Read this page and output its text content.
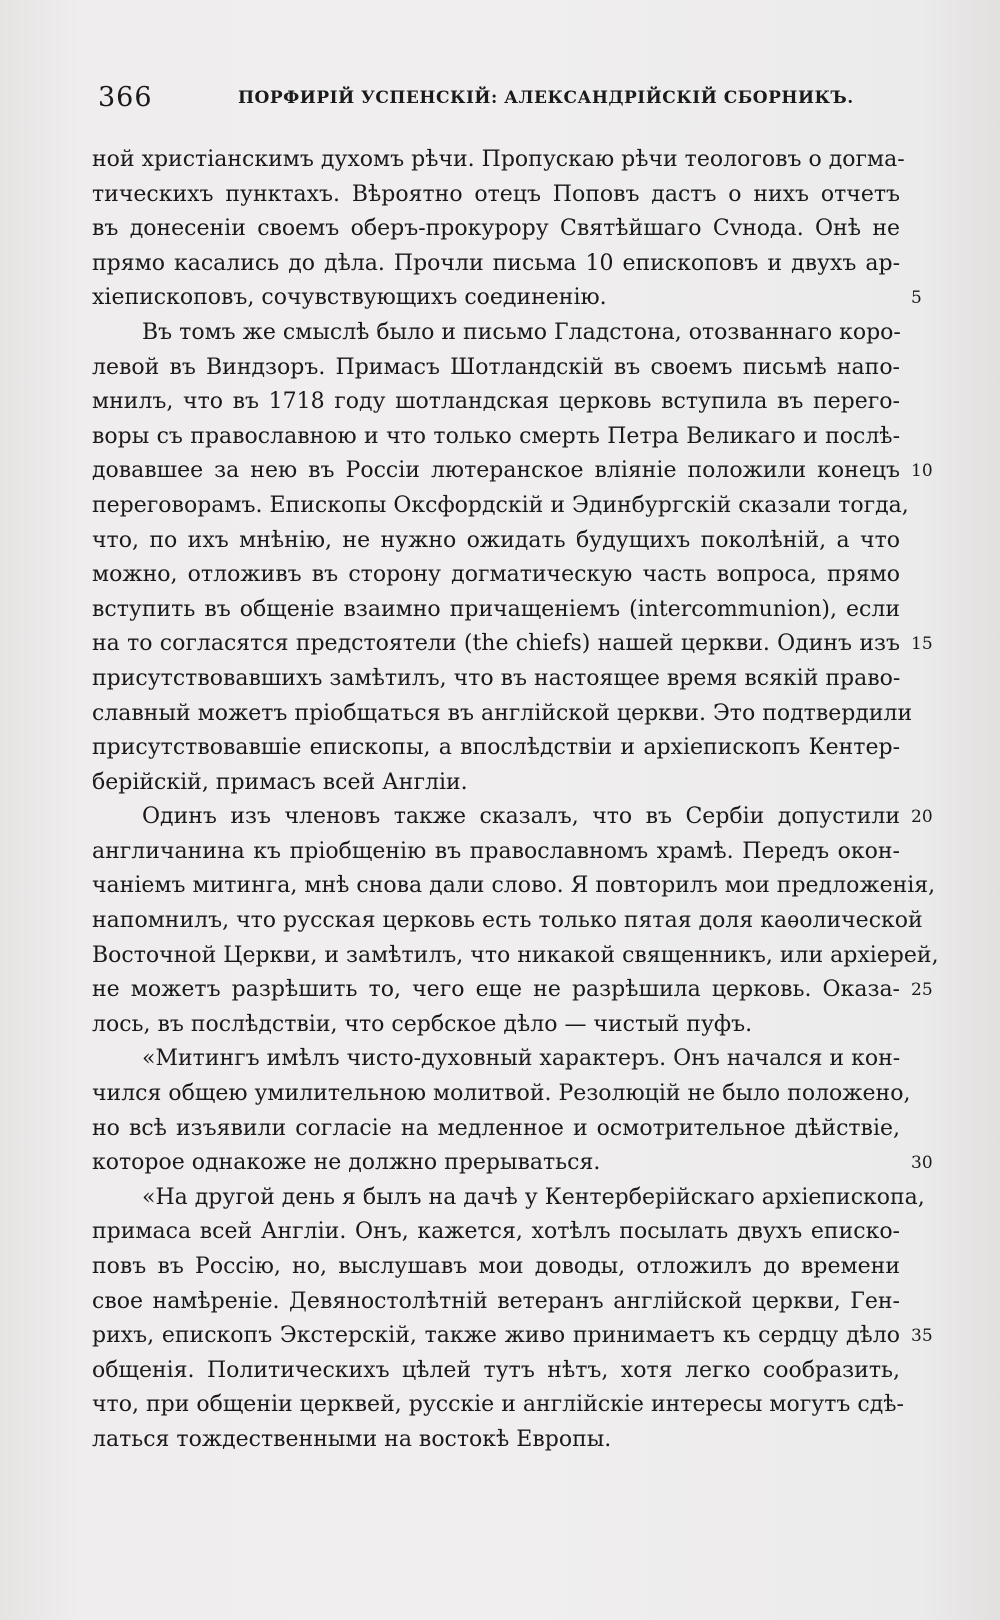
366	ПОРФИРІЙ УСПЕНСКІЙ: АЛЕКСАНДРІЙСКІЙ СБОРНИКЪ.
ной христіанскимъ духомъ рѣчи. Пропускаю рѣчи теологовъ о догма-
тическихъ пунктахъ. Вѣроятно отецъ Поповъ дастъ о нихъ отчетъ
въ донесеніи своемъ оберъ-прокурору Святѣйшаго Сvнода. Онѣ не
прямо касались до дѣла. Прочли письма 10 епископовъ и двухъ ар-
хіепископовъ, сочувствующихъ соединенію.	5
Въ томъ же смыслѣ было и письмо Гладстона, отозваннаго коро-
левой въ Виндзоръ. Примасъ Шотландскій въ своемъ письмѣ напо-
мнилъ, что въ 1718 году шотландская церковь вступила въ перего-
воры съ православною и что только смерть Петра Великаго и послѣ-
довавшее за нею въ Россіи лютеранское вліяніе положили конецъ 10
переговорамъ. Епископы Оксфордскій и Эдинбургскій сказали тогда,
что, по ихъ мнѣнію, не нужно ожидать будущихъ поколѣній, а что
можно, отложивъ въ сторону догматическую часть вопроса, прямо
вступить въ общеніе взаимно причащеніемъ (intercommunion), если
на то согласятся предстоятели (the chiefs) нашей церкви. Одинъ изъ 15
присутствовавшихъ замѣтилъ, что въ настоящее время всякій право-
славный можетъ пріобщаться въ англійской церкви. Это подтвердили
присутствовавшіе епископы, а впослѣдствіи и архіепископъ Кентер-
берійскій, примасъ всей Англіи.
Одинъ изъ членовъ также сказалъ, что въ Сербіи допустили 20
англичанина къ пріобщенію въ православномъ храмѣ. Передъ окон-
чаніемъ митинга, мнѣ снова дали слово. Я повторилъ мои предложенія,
напомнилъ, что русская церковь есть только пятая доля каѳолической
Восточной Церкви, и замѣтилъ, что никакой священникъ, или архіерей,
не можетъ разрѣшить то, чего еще не разрѣшила церковь. Оказа- 25
лось, въ послѣдствіи, что сербское дѣло — чистый пуфъ.
«Митингъ имѣлъ чисто-духовный характеръ. Онъ начался и кон-
чился общею умилительною молитвой. Резолюцій не было положено,
но всѣ изъявили согласіе на медленное и осмотрительное дѣйствіе,
которое однакоже не должно прерываться.	30
«На другой день я былъ на дачѣ у Кентерберійскаго архіепископа,
примаса всей Англіи. Онъ, кажется, хотѣлъ посылать двухъ еписко-
повъ въ Россію, но, выслушавъ мои доводы, отложилъ до времени
свое намѣреніе. Девяностолѣтній ветеранъ англійской церкви, Ген-
рихъ, епископъ Экстерскій, также живо принимаетъ къ сердцу дѣло 35
общенія. Политическихъ цѣлей тутъ нѣтъ, хотя легко сообразить,
что, при общеніи церквей, русскіе и англійскіе интересы могутъ сдѣ-
латься тождественными на востокѣ Европы.
